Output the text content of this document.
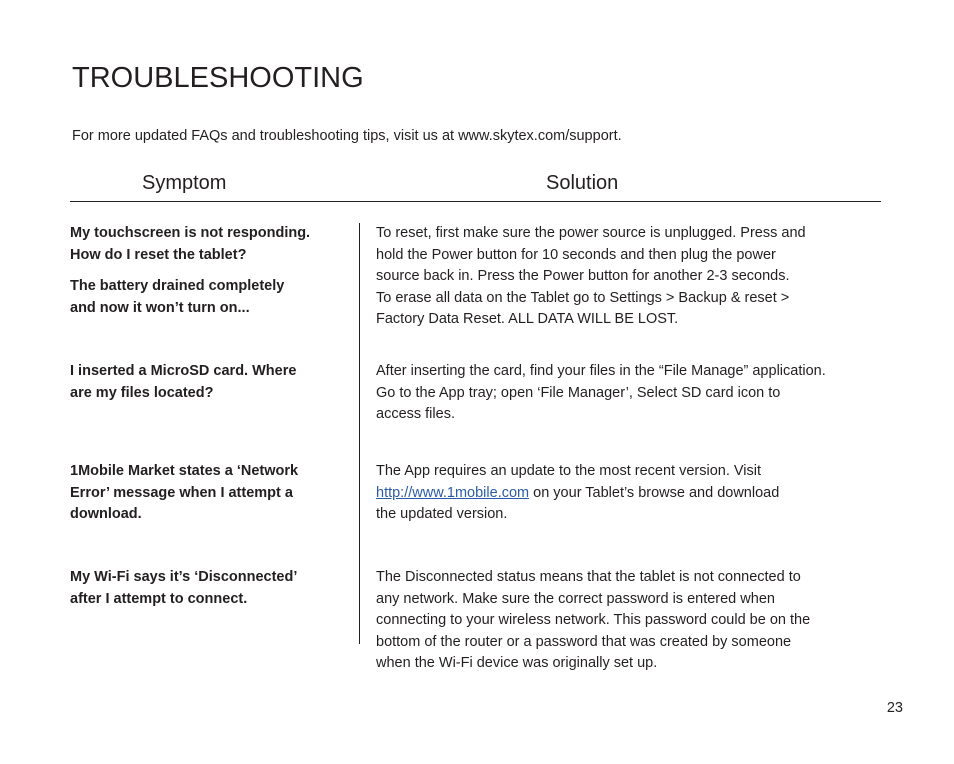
TROUBLESHOOTING

For more updated FAQs and troubleshooting tips, visit us at www.skytex.com/support.

Symptom	Solution
My touchscreen is not responding.
How do I reset the tablet?
The battery drained completely
and now it won’t turn on...
To reset, first make sure the power source is unplugged. Press and
hold the Power button for 10 seconds and then plug the power
source back in. Press the Power button for another 2-3 seconds.
To erase all data on the Tablet go to Settings > Backup & reset >
Factory Data Reset. ALL DATA WILL BE LOST.
I inserted a MicroSD card. Where
are my files located?
After inserting the card, find your files in the “File Manage” application.
Go to the App tray; open ‘File Manager’, Select SD card icon to
access files.
1Mobile Market states a ‘Network
Error’ message when I attempt a
download.
The App requires an update to the most recent version. Visit
http://www.1mobile.com on your Tablet’s browse and download
the updated version.
My Wi-Fi says it’s ‘Disconnected’
after I attempt to connect.
The Disconnected status means that the tablet is not connected to
any network. Make sure the correct password is entered when
connecting to your wireless network. This password could be on the
bottom of the router or a password that was created by someone
when the Wi-Fi device was originally set up.
23
